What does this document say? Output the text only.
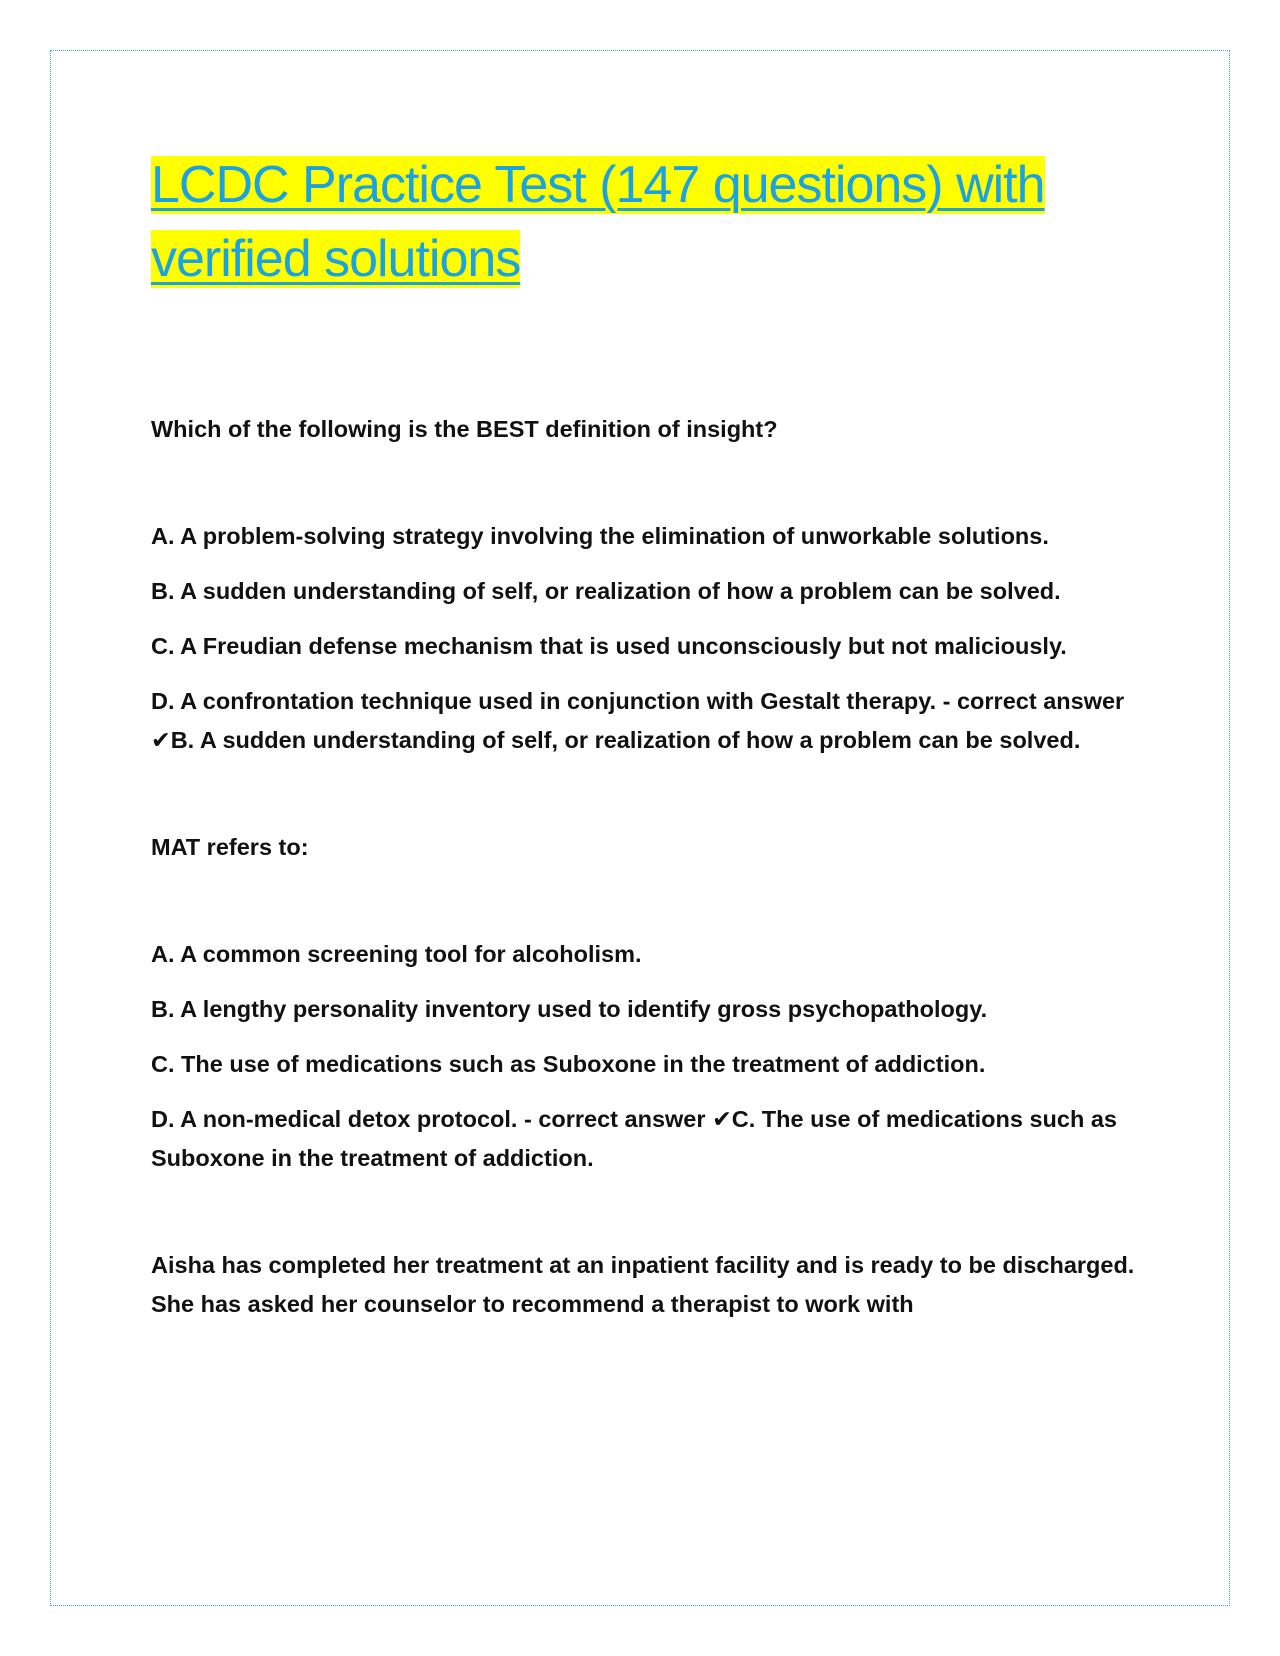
LCDC Practice Test (147 questions) with verified solutions

Which of the following is the BEST definition of insight?

A. A problem-solving strategy involving the elimination of unworkable solutions.

B. A sudden understanding of self, or realization of how a problem can be solved.

C. A Freudian defense mechanism that is used unconsciously but not maliciously.

D. A confrontation technique used in conjunction with Gestalt therapy. - correct answer ✔B. A sudden understanding of self, or realization of how a problem can be solved.

MAT refers to:

A. A common screening tool for alcoholism.

B. A lengthy personality inventory used to identify gross psychopathology.

C. The use of medications such as Suboxone in the treatment of addiction.

D. A non-medical detox protocol. - correct answer ✔C. The use of medications such as Suboxone in the treatment of addiction.

Aisha has completed her treatment at an inpatient facility and is ready to be discharged. She has asked her counselor to recommend a therapist to work with
